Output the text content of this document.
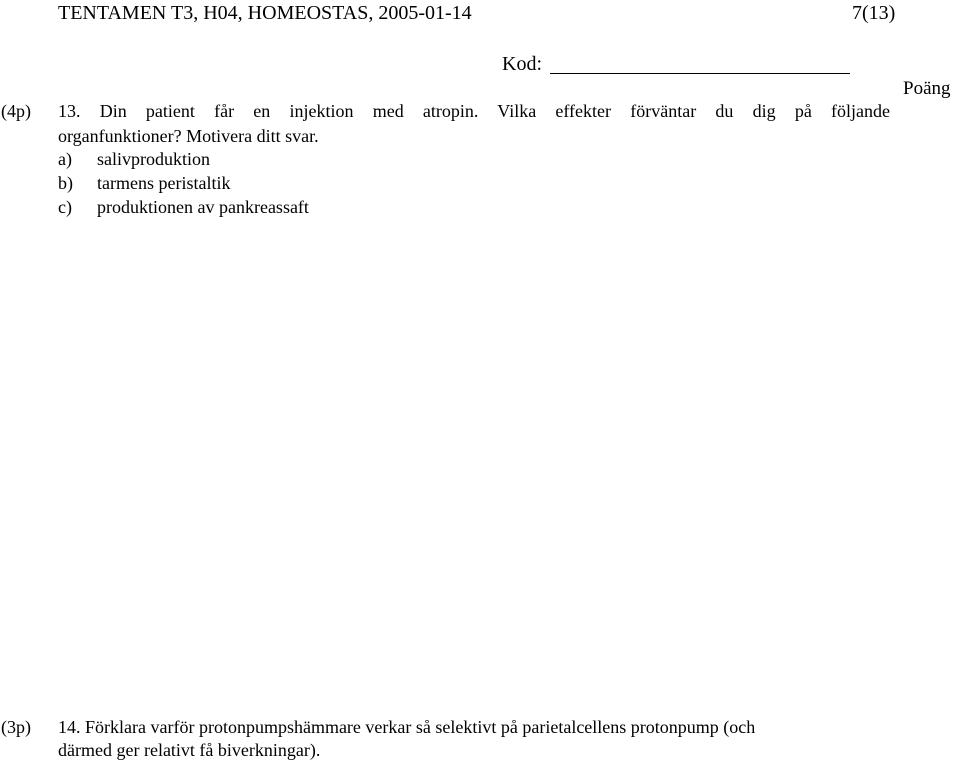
TENTAMEN T3, H04, HOMEOSTAS, 2005-01-14	7(13)
Kod:
Poäng
(4p) 13. Din patient får en injektion med atropin. Vilka effekter förväntar du dig på följande
organfunktioner? Motivera ditt svar.
a) salivproduktion
b) tarmens peristaltik
c) produktionen av pankreassaft
(3p) 14. Förklara varför protonpumpshämmare verkar så selektivt på parietalcellens protonpump (och
därmed ger relativt få biverkningar).
